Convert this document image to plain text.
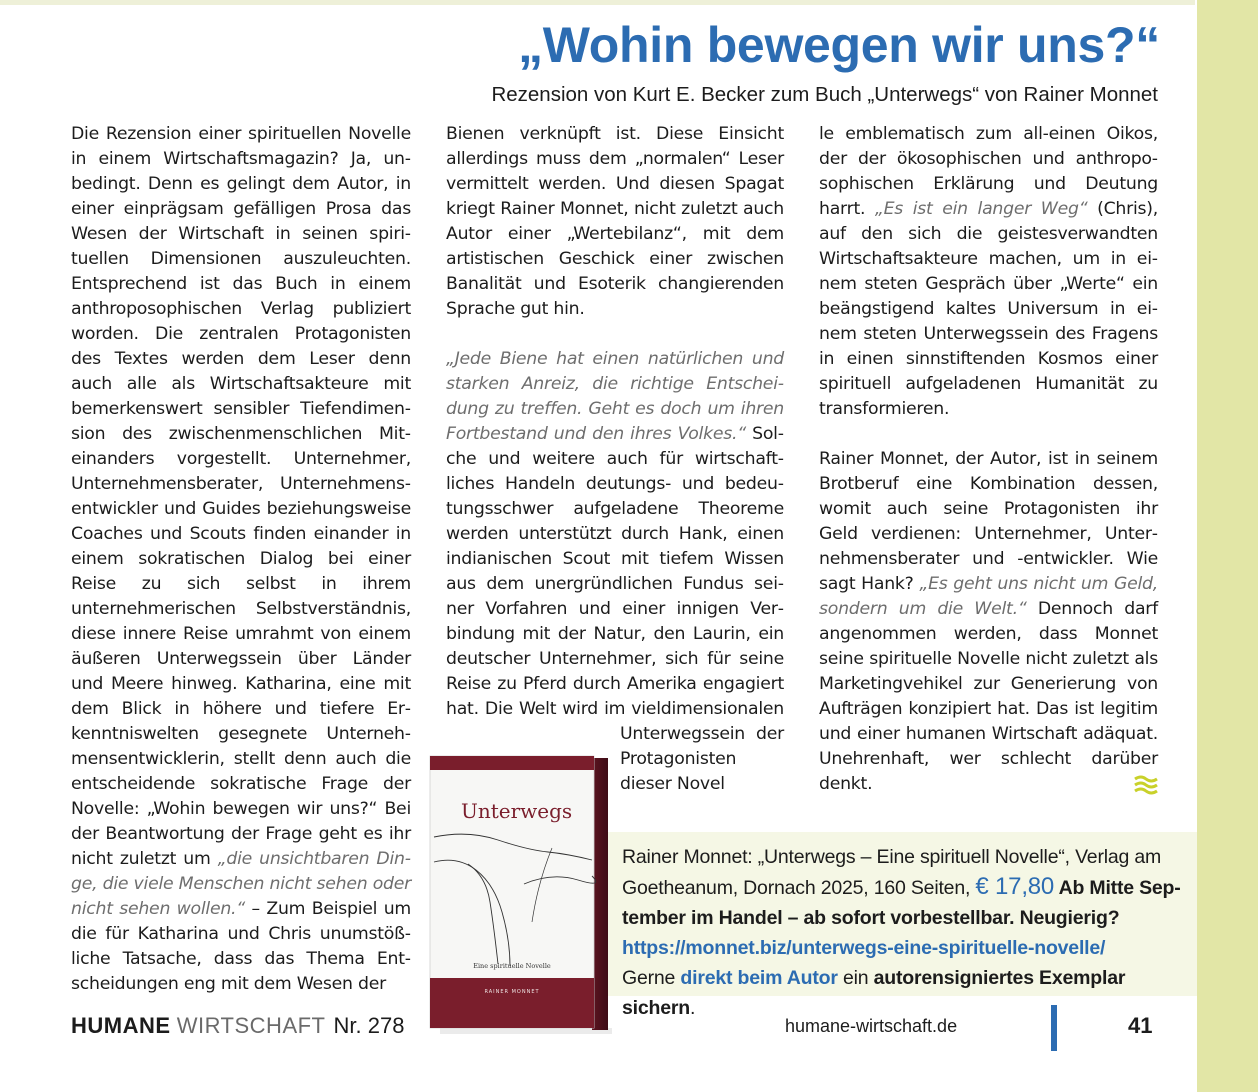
„Wohin bewegen wir uns?“
Rezension von Kurt E. Becker zum Buch „Unterwegs“ von Rainer Monnet

Die Rezension einer spirituellen Novelle in einem Wirtschaftsmagazin? Ja, unbedingt. Denn es gelingt dem Autor, in einer einprägsam gefälligen Prosa das Wesen der Wirtschaft in seinen spirituellen Dimensionen auszuleuchten. Entsprechend ist das Buch in einem anthroposophischen Verlag publiziert worden. Die zentralen Protagonisten des Textes werden dem Leser denn auch alle als Wirtschaftsakteure mit bemerkenswert sensibler Tiefendimension des zwischenmenschlichen Miteinanders vorgestellt. Unternehmer, Unternehmensberater, Unternehmensentwickler und Guides beziehungsweise Coaches und Scouts finden einander in einem sokratischen Dialog bei einer Reise zu sich selbst in ihrem unternehmerischen Selbstverständnis, diese innere Reise umrahmt von einem äußeren Unterwegssein über Länder und Meere hinweg. Katharina, eine mit dem Blick in höhere und tiefere Erkenntniswelten gesegnete Unternehmensentwicklerin, stellt denn auch die entscheidende sokratische Frage der Novelle: „Wohin bewegen wir uns?“ Bei der Beantwortung der Frage geht es ihr nicht zuletzt um „die unsichtbaren Dinge, die viele Menschen nicht sehen oder nicht sehen wollen.“ – Zum Beispiel um die für Katharina und Chris unumstößliche Tatsache, dass das Thema Entscheidungen eng mit dem Wesen der

Bienen verknüpft ist. Diese Einsicht allerdings muss dem „normalen“ Leser vermittelt werden. Und diesen Spagat kriegt Rainer Monnet, nicht zuletzt auch Autor einer „Wertebilanz“, mit dem artistischen Geschick einer zwischen Banalität und Esoterik changierenden Sprache gut hin.

„Jede Biene hat einen natürlichen und starken Anreiz, die richtige Entscheidung zu treffen. Geht es doch um ihren Fortbestand und den ihres Volkes.“ Solche und weitere auch für wirtschaftliches Handeln deutungs- und bedeutungsschwer aufgeladene Theoreme werden unterstützt durch Hank, einen indianischen Scout mit tiefem Wissen aus dem unergründlichen Fundus seiner Vorfahren und einer innigen Verbindung mit der Natur, den Laurin, ein deutscher Unternehmer, sich für seine Reise zu Pferd durch Amerika engagiert hat. Die Welt wird im vieldimensionalen Unterwegssein der Protagonisten dieser Novel

le emblematisch zum all-einen Oikos, der der ökosophischen und anthroposophischen Erklärung und Deutung harrt. „Es ist ein langer Weg“ (Chris), auf den sich die geistesverwandten Wirtschaftsakteure machen, um in einem steten Gespräch über „Werte“ ein beängstigend kaltes Universum in einem steten Unterwegssein des Fragens in einen sinnstiftenden Kosmos einer spirituell aufgeladenen Humanität zu transformieren.

Rainer Monnet, der Autor, ist in seinem Brotberuf eine Kombination dessen, womit auch seine Protagonisten ihr Geld verdienen: Unternehmer, Unternehmensberater und -entwickler. Wie sagt Hank? „Es geht uns nicht um Geld, sondern um die Welt.“ Dennoch darf angenommen werden, dass Monnet seine spirituelle Novelle nicht zuletzt als Marketingvehikel zur Generierung von Aufträgen konzipiert hat. Das ist legitim und einer humanen Wirtschaft adäquat. Unehrenhaft, wer schlecht darüber denkt.

Rainer Monnet: „Unterwegs – Eine spirituell Novelle“, Verlag am Goetheanum, Dornach 2025, 160 Seiten, € 17,80 Ab Mitte September im Handel – ab sofort vorbestellbar. Neugierig?
https://monnet.biz/unterwegs-eine-spirituelle-novelle/
Gerne direkt beim Autor ein autorensigniertes Exemplar sichern.
Unterwegs
Eine spirituelle Novelle
RAINER MONNET
HUMANE WIRTSCHAFT Nr. 278	humane-wirtschaft.de	41
